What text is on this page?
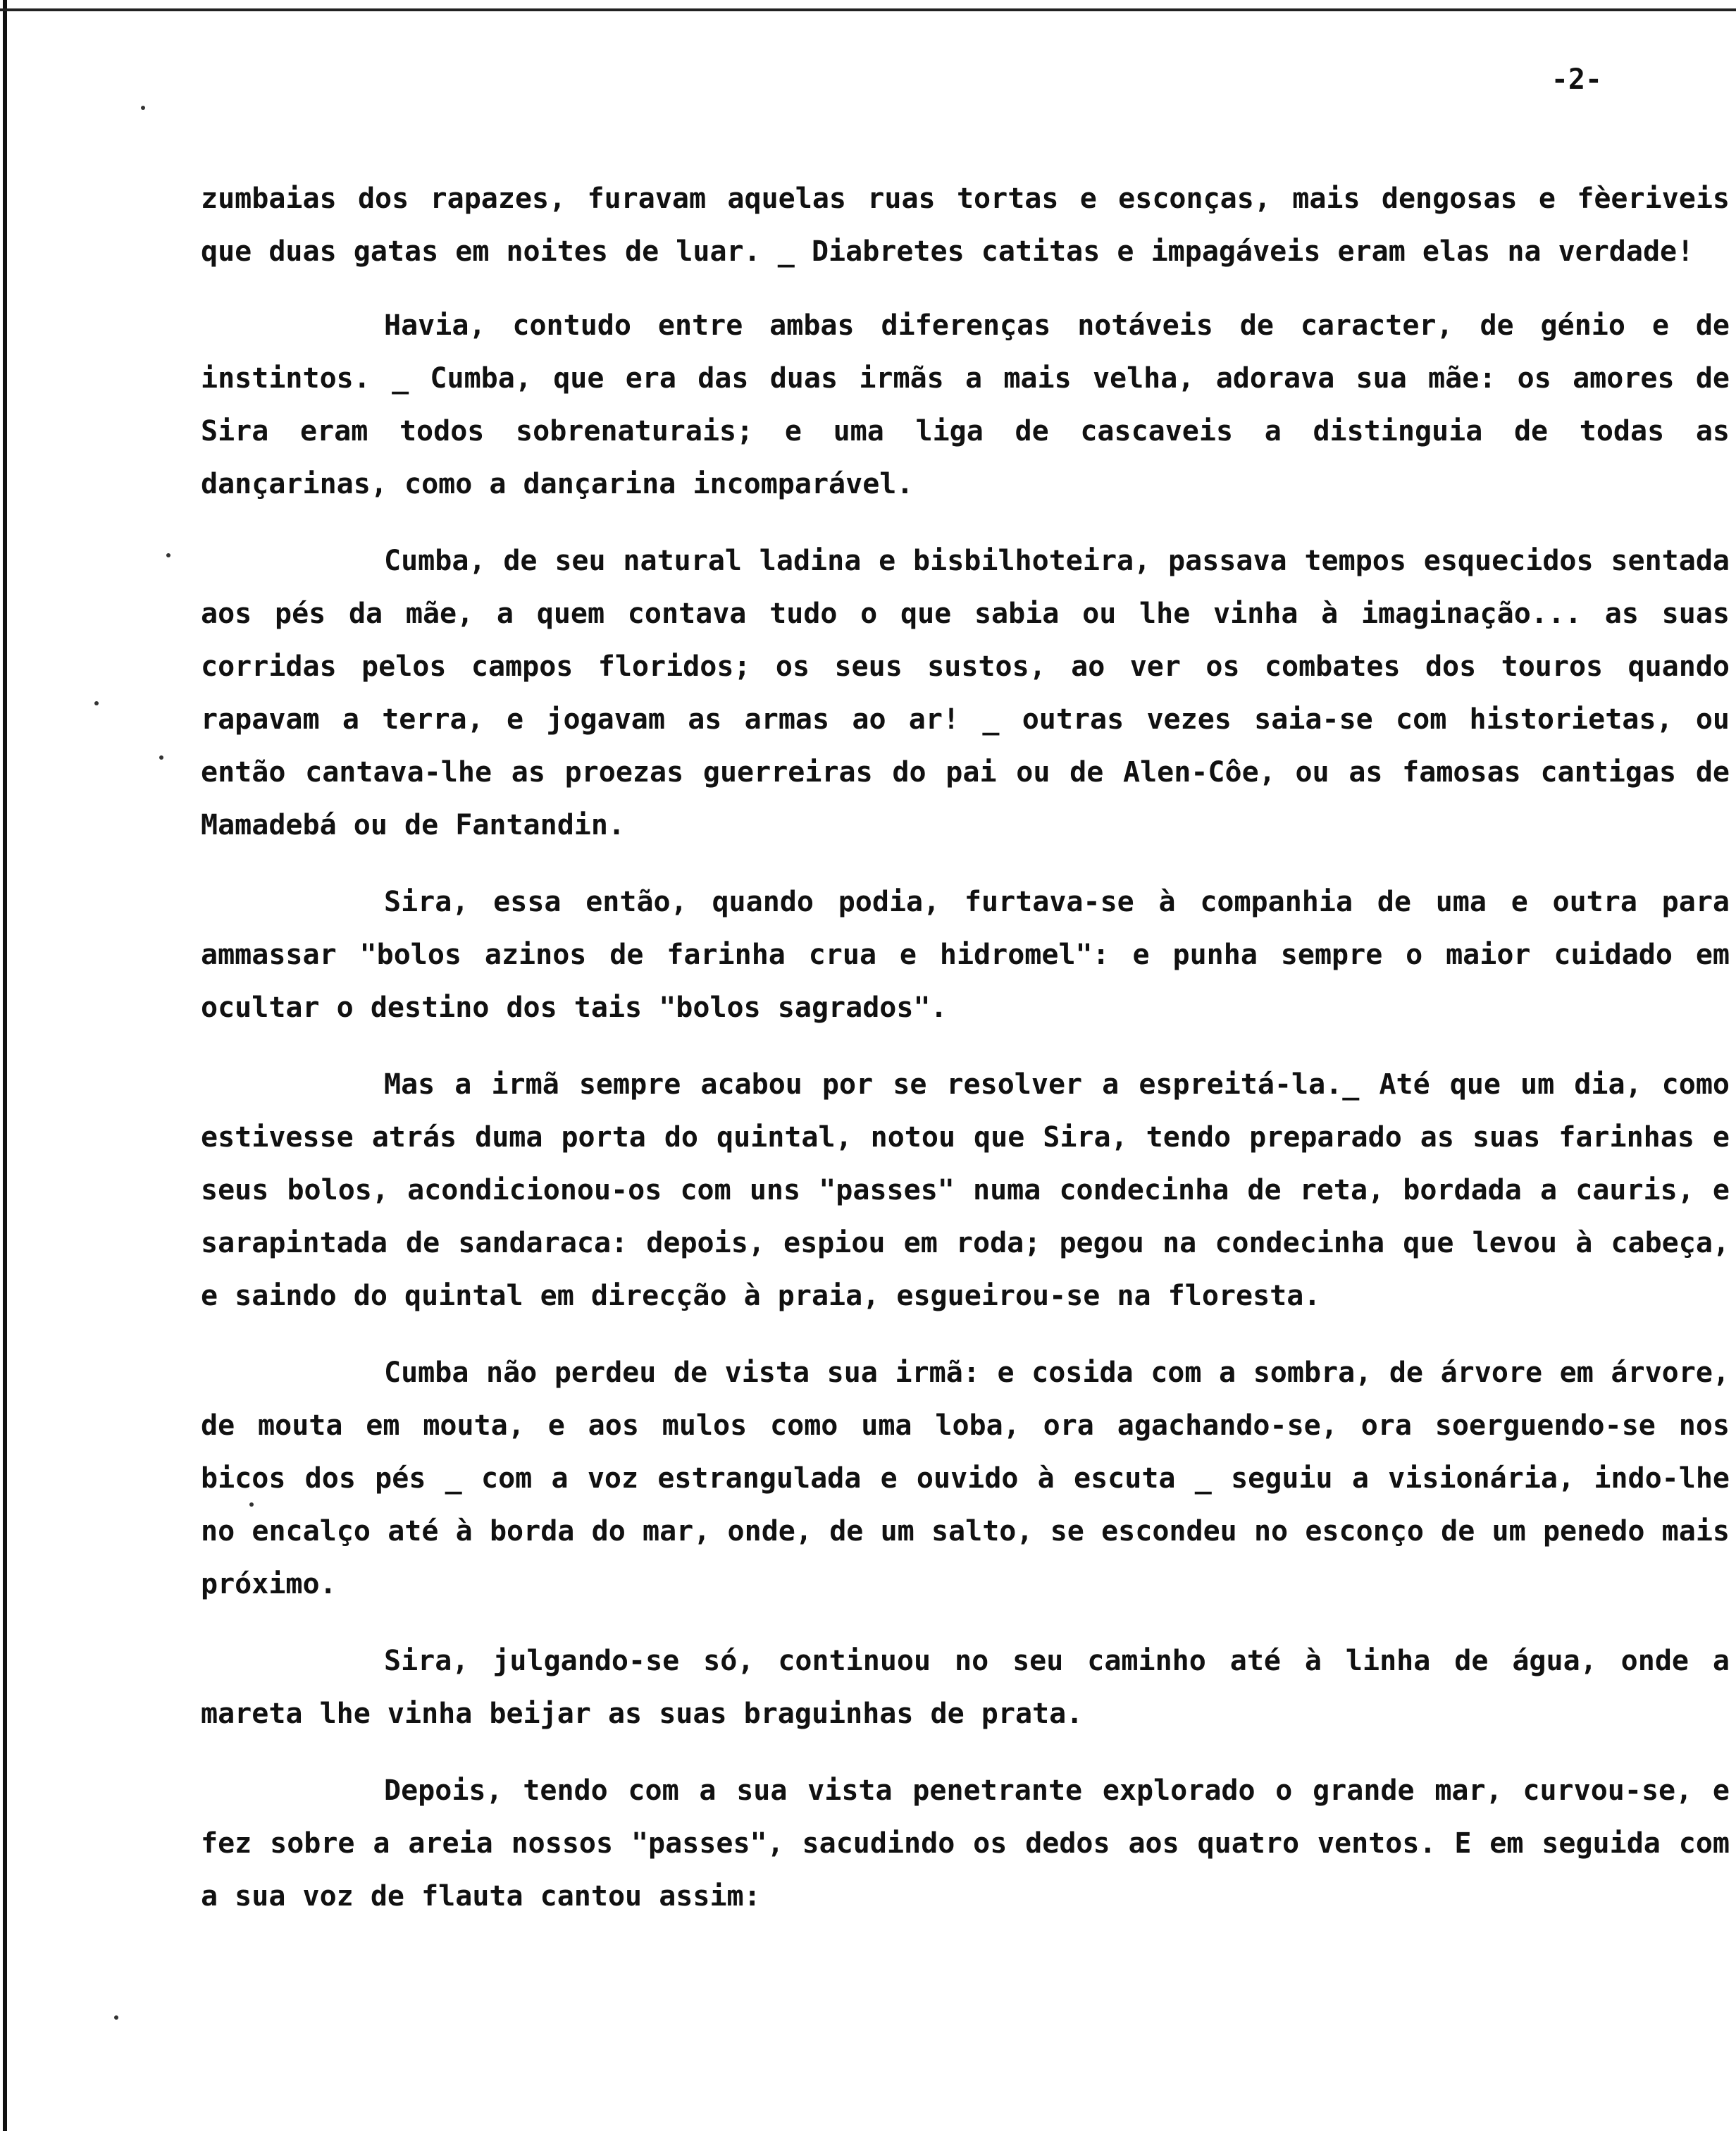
-2-

zumbaias dos rapazes, furavam aquelas ruas tortas e esconças, mais dengosas e fèeriveis que duas gatas em noites de luar. _ Diabretes catitas e impagáveis eram elas na verdade!

Havia, contudo entre ambas diferenças notáveis de caracter, de génio e de instintos. _ Cumba, que era das duas irmãs a mais velha, adorava sua mãe: os amores de Sira eram todos sobrenaturais; e uma liga de cascaveis a distinguia de todas as dançarinas, como a dançarina incomparável.

Cumba, de seu natural ladina e bisbilhoteira, passava tempos esquecidos sentada aos pés da mãe, a quem contava tudo o que sabia ou lhe vinha à imaginação... as suas corridas pelos campos floridos; os seus sustos, ao ver os combates dos touros quando rapavam a terra, e jogavam as armas ao ar! _ outras vezes saia-se com historietas, ou então cantava-lhe as proezas guerreiras do pai ou de Alen-Côe, ou as famosas cantigas de Mamadebá ou de Fantandin.

Sira, essa então, quando podia, furtava-se à companhia de uma e outra para ammassar "bolos azinos de farinha crua e hidromel": e punha sempre o maior cuidado em ocultar o destino dos tais "bolos sagrados".

Mas a irmã sempre acabou por se resolver a espreitá-la._ Até que um dia, como estivesse atrás duma porta do quintal, notou que Sira, tendo preparado as suas farinhas e seus bolos, acondicionou-os com uns "passes" numa condecinha de reta, bordada a cauris, e sarapintada de sandaraca: depois, espiou em roda; pegou na condecinha que levou à cabeça, e saindo do quintal em direcção à praia, esgueirou-se na floresta.

Cumba não perdeu de vista sua irmã: e cosida com a sombra, de árvore em árvore, de mouta em mouta, e aos mulos como uma loba, ora agachando-se, ora soerguendo-se nos bicos dos pés _ com a voz estrangulada e ouvido à escuta _ seguiu a visionária, indo-lhe no encalço até à borda do mar, onde, de um salto, se escondeu no esconço de um penedo mais próximo.

Sira, julgando-se só, continuou no seu caminho até à linha de água, onde a mareta lhe vinha beijar as suas braguinhas de prata.

Depois, tendo com a sua vista penetrante explorado o grande mar, curvou-se, e fez sobre a areia nossos "passes", sacudindo os dedos aos quatro ventos. E em seguida com a sua voz de flauta cantou assim:
